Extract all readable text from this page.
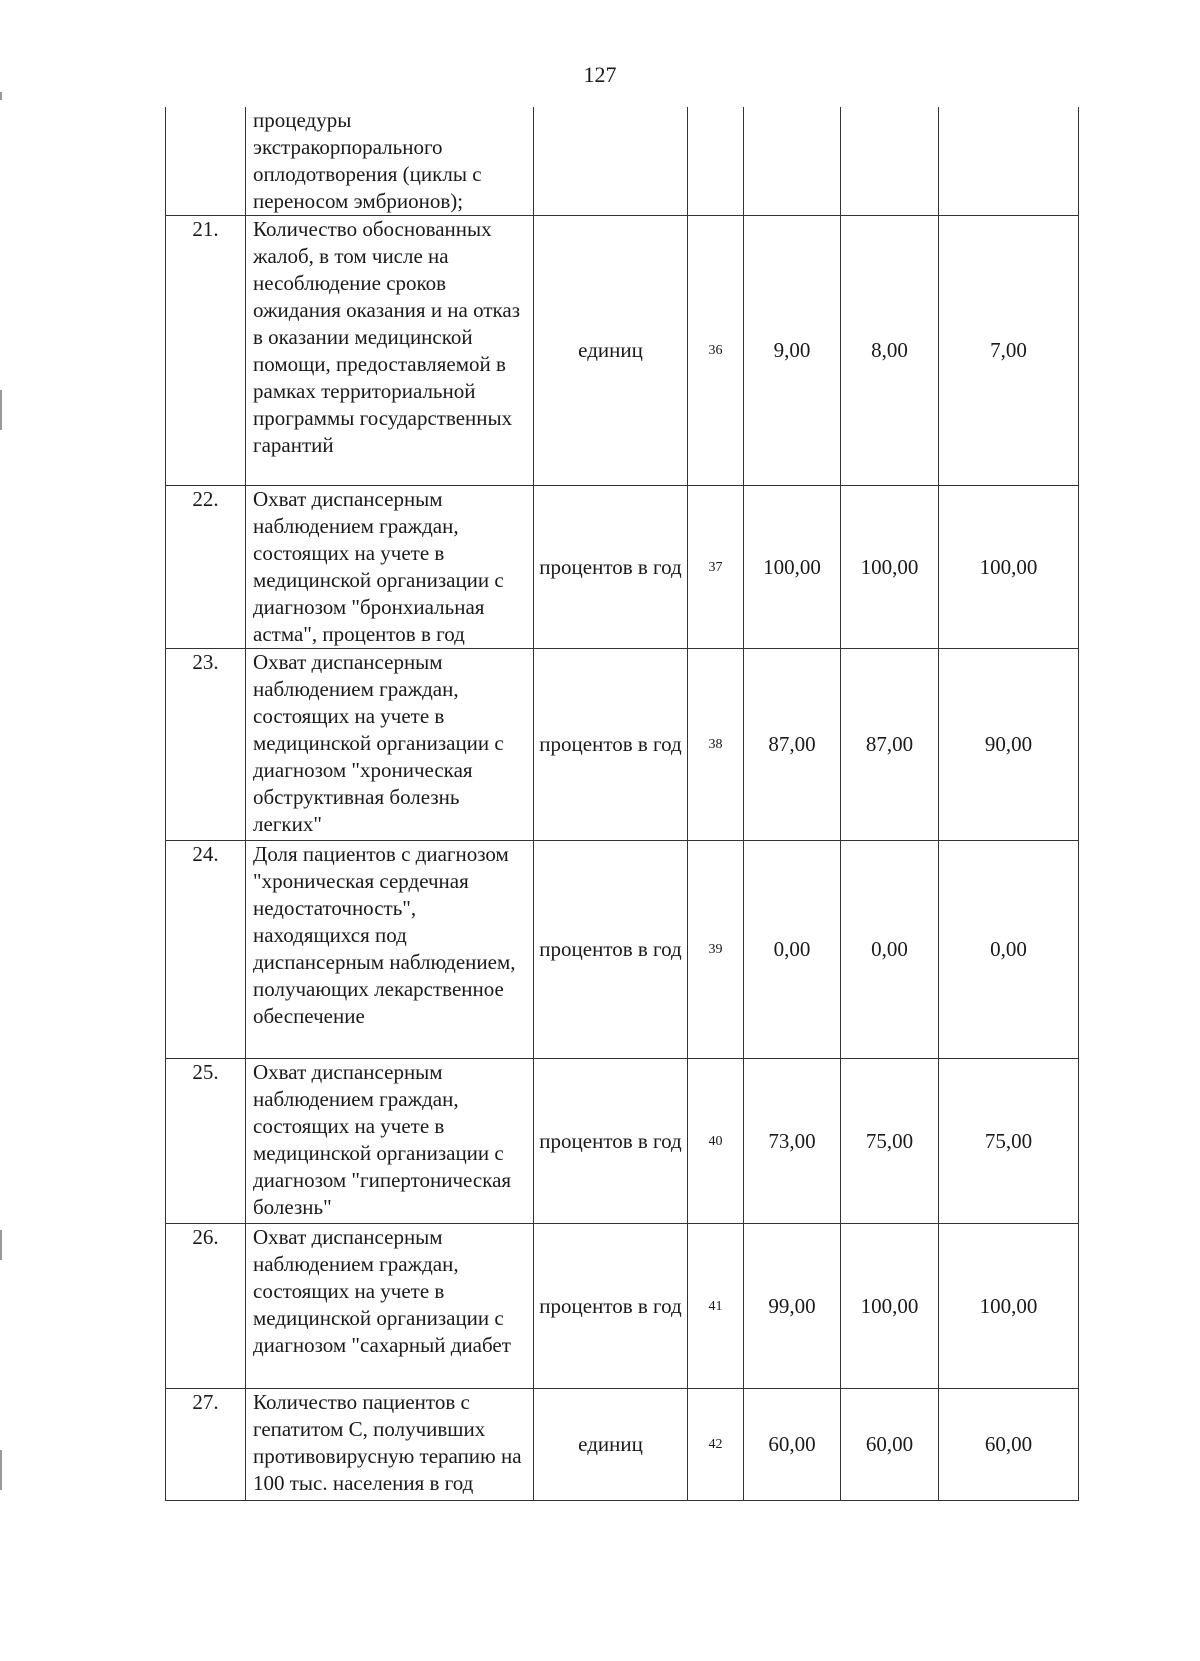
127
	процедуры экстракорпорального оплодотворения (циклы с переносом эмбрионов);					
21.	Количество обоснованных жалоб, в том числе на несоблюдение сроков ожидания оказания и на отказ в оказании медицинской помощи, предоставляемой в рамках территориальной программы государственных гарантий	единиц	36	9,00	8,00	7,00
22.	Охват диспансерным наблюдением граждан, состоящих на учете в медицинской организации с диагнозом "бронхиальная астма", процентов в год	процентов в год	37	100,00	100,00	100,00
23.	Охват диспансерным наблюдением граждан, состоящих на учете в медицинской организации с диагнозом "хроническая обструктивная болезнь легких"	процентов в год	38	87,00	87,00	90,00
24.	Доля пациентов с диагнозом "хроническая сердечная недостаточность", находящихся под диспансерным наблюдением, получающих лекарственное обеспечение	процентов в год	39	0,00	0,00	0,00
25.	Охват диспансерным наблюдением граждан, состоящих на учете в медицинской организации с диагнозом "гипертоническая болезнь"	процентов в год	40	73,00	75,00	75,00
26.	Охват диспансерным наблюдением граждан, состоящих на учете в медицинской организации с диагнозом "сахарный диабет	процентов в год	41	99,00	100,00	100,00
27.	Количество пациентов с гепатитом С, получивших противовирусную терапию на 100 тыс. населения в год	единиц	42	60,00	60,00	60,00
